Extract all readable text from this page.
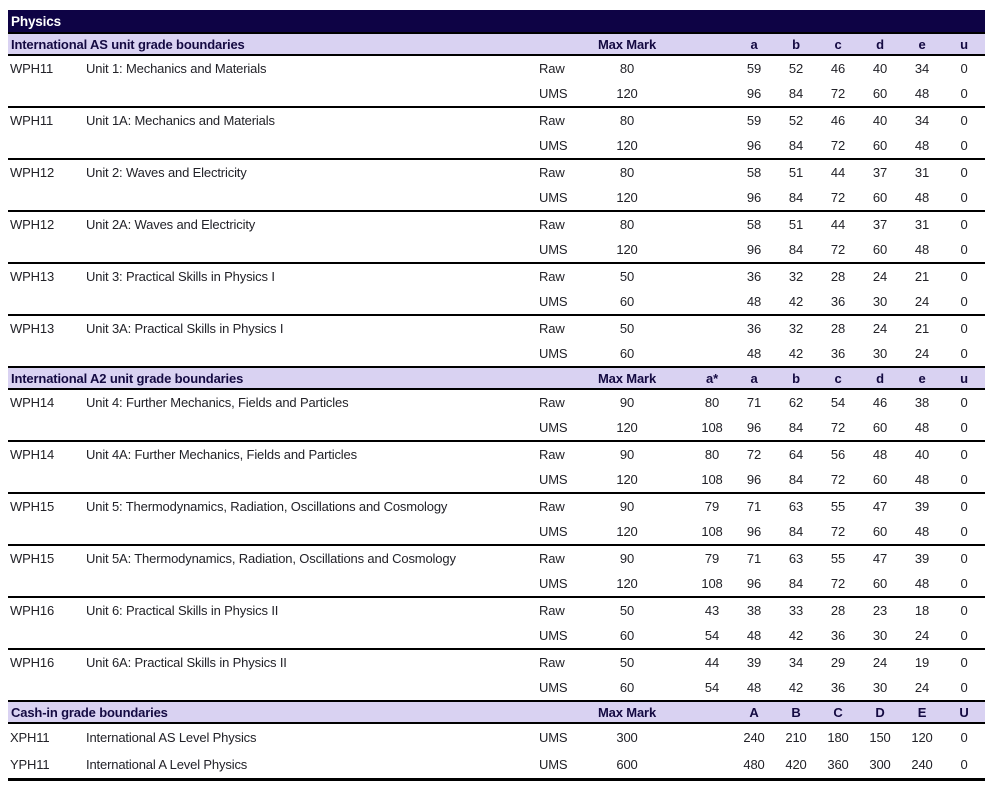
Physics
International AS unit grade boundaries	Max Mark	a	b	c	d	e	u
WPH11	Unit 1: Mechanics and Materials	Raw	80	59	52	46	40	34	0
UMS	120	96	84	72	60	48	0
WPH11	Unit 1A: Mechanics and Materials	Raw	80	59	52	46	40	34	0
UMS	120	96	84	72	60	48	0
WPH12	Unit 2: Waves and Electricity	Raw	80	58	51	44	37	31	0
UMS	120	96	84	72	60	48	0
WPH12	Unit 2A: Waves and Electricity	Raw	80	58	51	44	37	31	0
UMS	120	96	84	72	60	48	0
WPH13	Unit 3: Practical Skills in Physics I	Raw	50	36	32	28	24	21	0
UMS	60	48	42	36	30	24	0
WPH13	Unit 3A: Practical Skills in Physics I	Raw	50	36	32	28	24	21	0
UMS	60	48	42	36	30	24	0
International A2 unit grade boundaries	Max Mark	a*	a	b	c	d	e	u
WPH14	Unit 4: Further Mechanics, Fields and Particles	Raw	90	80	71	62	54	46	38	0
UMS	120	108	96	84	72	60	48	0
WPH14	Unit 4A: Further Mechanics, Fields and Particles	Raw	90	80	72	64	56	48	40	0
UMS	120	108	96	84	72	60	48	0
WPH15	Unit 5: Thermodynamics, Radiation, Oscillations and Cosmology	Raw	90	79	71	63	55	47	39	0
UMS	120	108	96	84	72	60	48	0
WPH15	Unit 5A: Thermodynamics, Radiation, Oscillations and Cosmology	Raw	90	79	71	63	55	47	39	0
UMS	120	108	96	84	72	60	48	0
WPH16	Unit 6: Practical Skills in Physics II	Raw	50	43	38	33	28	23	18	0
UMS	60	54	48	42	36	30	24	0
WPH16	Unit 6A: Practical Skills in Physics II	Raw	50	44	39	34	29	24	19	0
UMS	60	54	48	42	36	30	24	0
Cash-in grade boundaries	Max Mark	A	B	C	D	E	U
XPH11	International AS Level Physics	UMS	300	240	210	180	150	120	0
YPH11	International A Level Physics	UMS	600	480	420	360	300	240	0
